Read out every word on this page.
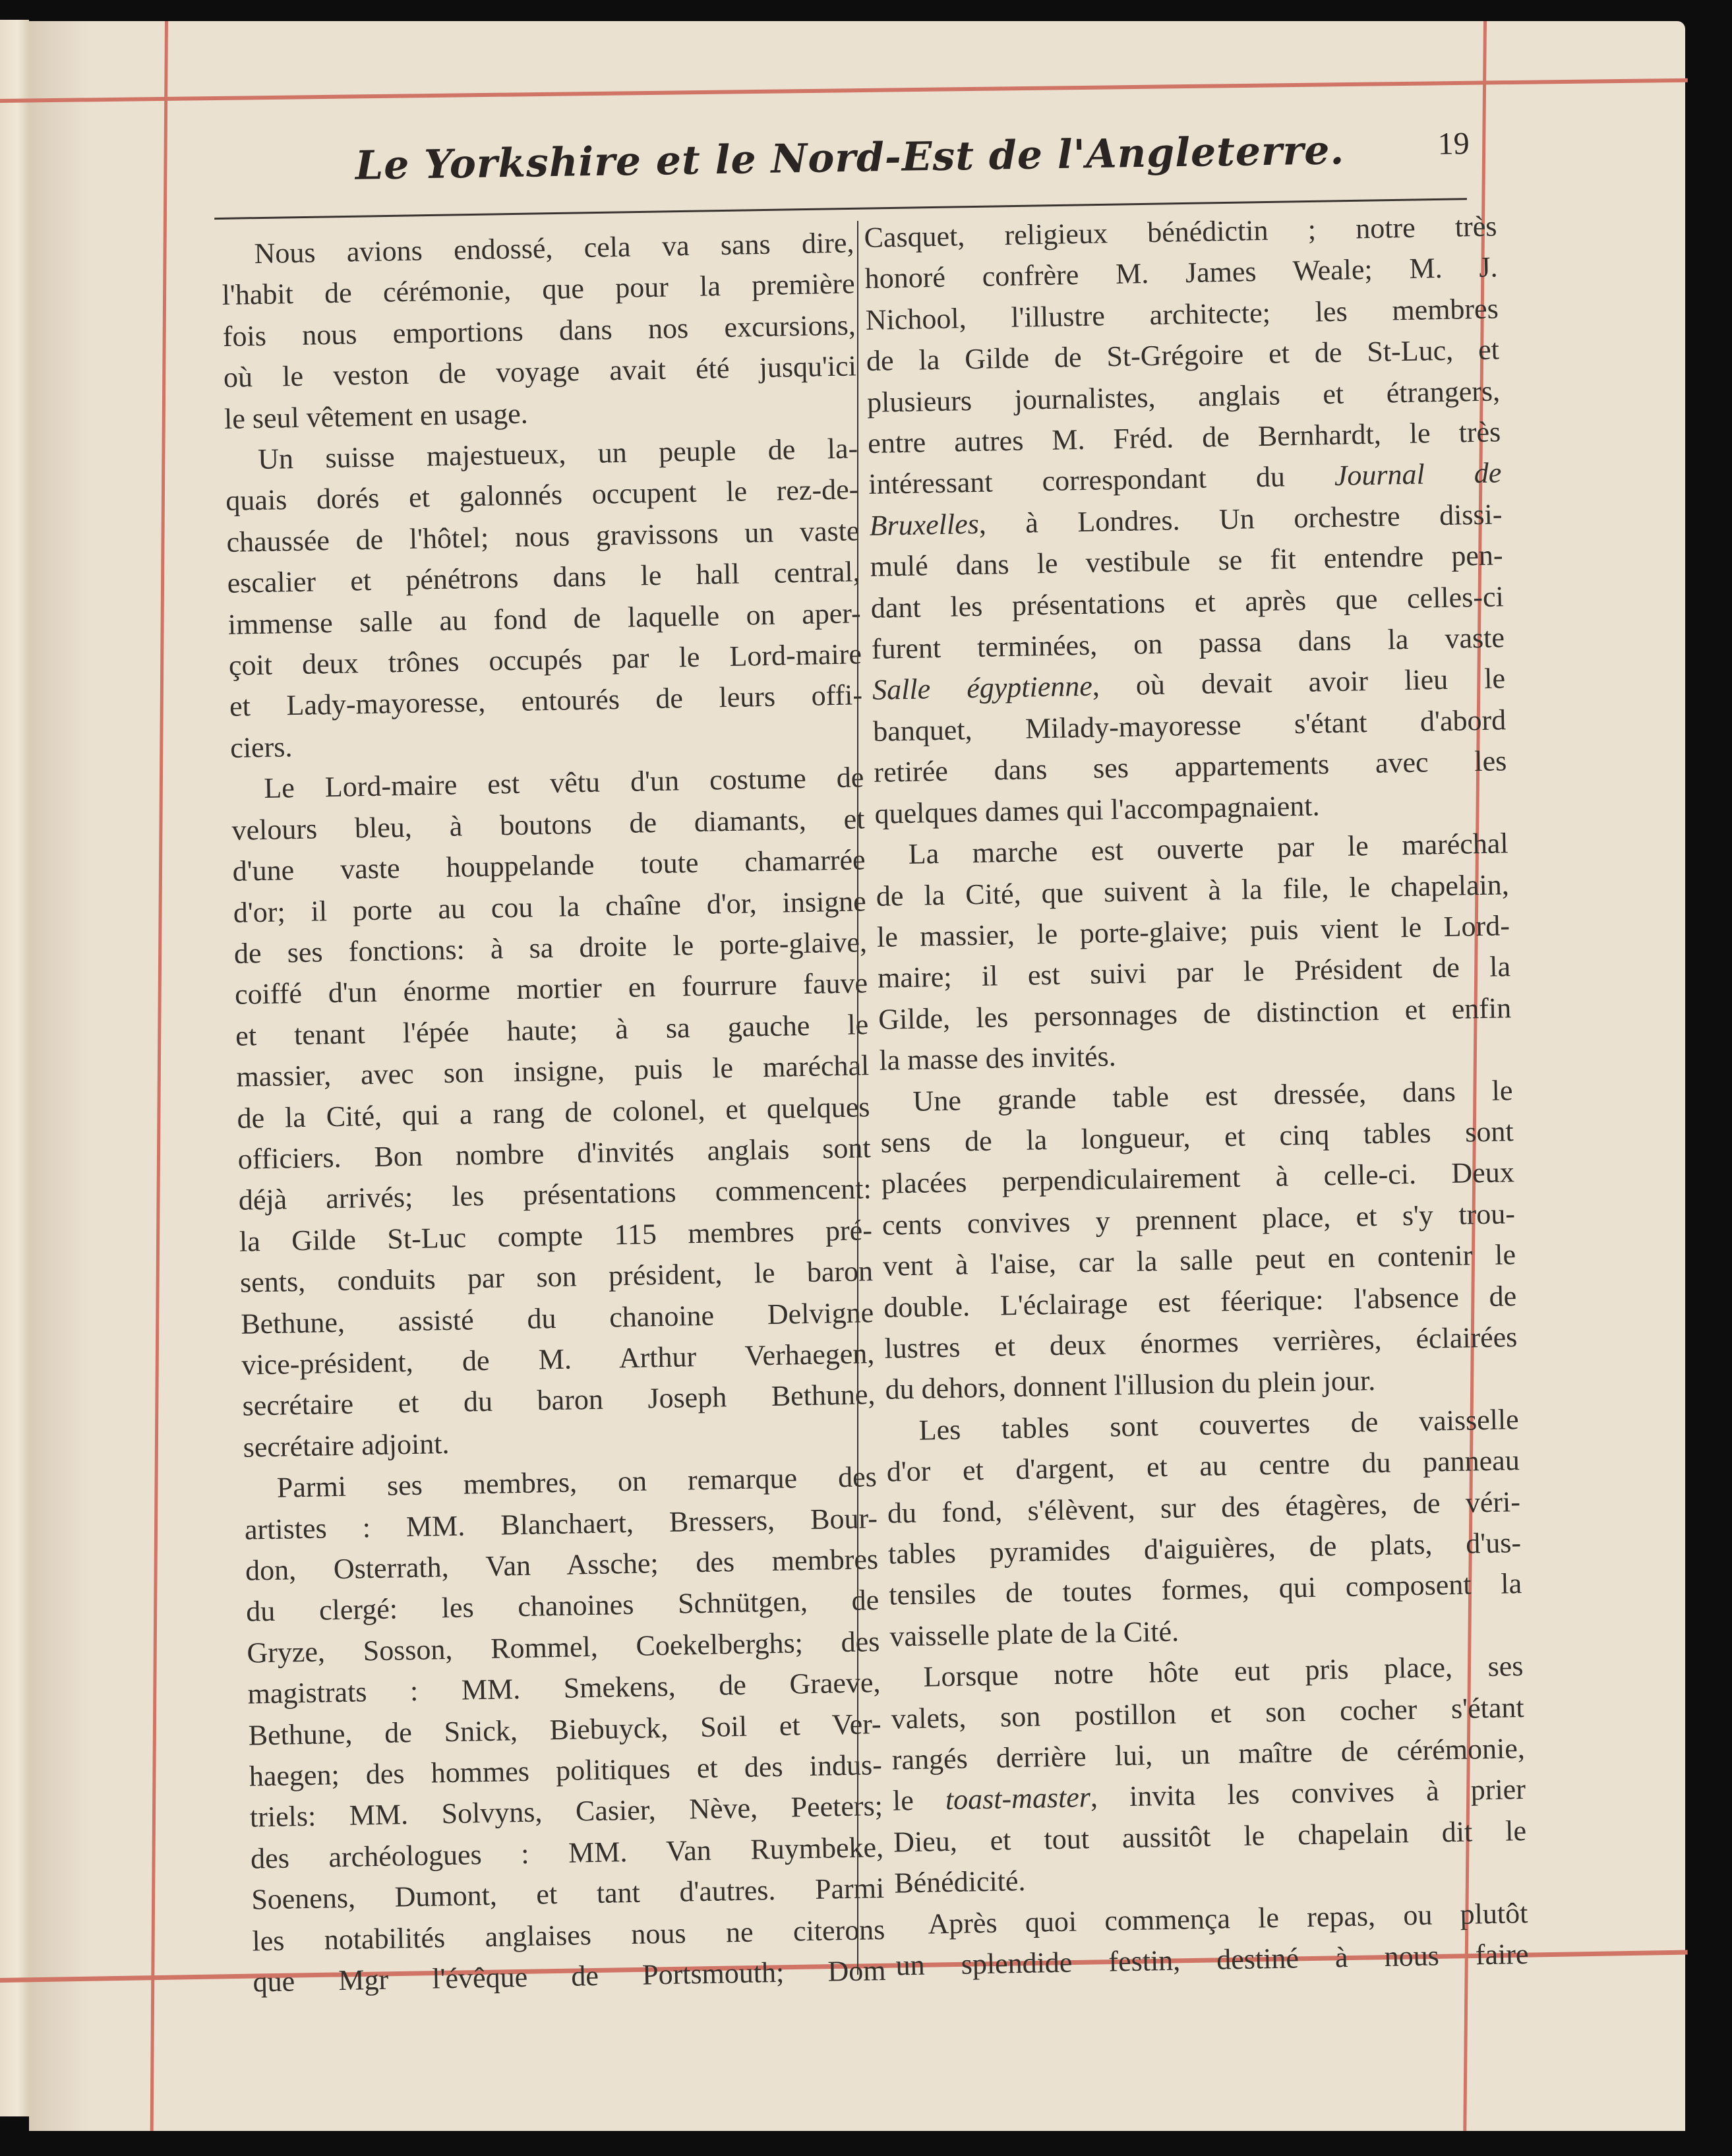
Le Yorkshire et le Nord-Est de l'Angleterre.	19
Nous avions endossé, cela va sans dire,
l'habit de cérémonie, que pour la première
fois nous emportions dans nos excursions,
où le veston de voyage avait été jusqu'ici
le seul vêtement en usage.
Un suisse majestueux, un peuple de la-
quais dorés et galonnés occupent le rez-de-
chaussée de l'hôtel; nous gravissons un vaste
escalier et pénétrons dans le hall central,
immense salle au fond de laquelle on aper-
çoit deux trônes occupés par le Lord-maire
et Lady-mayoresse, entourés de leurs offi-
ciers.
Le Lord-maire est vêtu d'un costume de
velours bleu, à boutons de diamants, et
d'une vaste houppelande toute chamarrée
d'or; il porte au cou la chaîne d'or, insigne
de ses fonctions: à sa droite le porte-glaive,
coiffé d'un énorme mortier en fourrure fauve
et tenant l'épée haute; à sa gauche le
massier, avec son insigne, puis le maréchal
de la Cité, qui a rang de colonel, et quelques
officiers. Bon nombre d'invités anglais sont
déjà arrivés; les présentations commencent:
la Gilde St-Luc compte 115 membres pré-
sents, conduits par son président, le baron
Bethune, assisté du chanoine Delvigne
vice-président, de M. Arthur Verhaegen,
secrétaire et du baron Joseph Bethune,
secrétaire adjoint.
Parmi ses membres, on remarque des
artistes : MM. Blanchaert, Bressers, Bour-
don, Osterrath, Van Assche; des membres
du clergé: les chanoines Schnütgen, de
Gryze, Sosson, Rommel, Coekelberghs; des
magistrats : MM. Smekens, de Graeve,
Bethune, de Snick, Biebuyck, Soil et Ver-
haegen; des hommes politiques et des indus-
triels: MM. Solvyns, Casier, Nève, Peeters;
des archéologues : MM. Van Ruymbeke,
Soenens, Dumont, et tant d'autres. Parmi
les notabilités anglaises nous ne citerons
que Mgr l'évêque de Portsmouth; Dom
Casquet, religieux bénédictin ; notre très
honoré confrère M. James Weale; M. J.
Nichool, l'illustre architecte; les membres
de la Gilde de St-Grégoire et de St-Luc, et
plusieurs journalistes, anglais et étrangers,
entre autres M. Fréd. de Bernhardt, le très
intéressant correspondant du Journal de
Bruxelles, à Londres. Un orchestre dissi-
mulé dans le vestibule se fit entendre pen-
dant les présentations et après que celles-ci
furent terminées, on passa dans la vaste
Salle égyptienne, où devait avoir lieu le
banquet, Milady-mayoresse s'étant d'abord
retirée dans ses appartements avec les
quelques dames qui l'accompagnaient.
La marche est ouverte par le maréchal
de la Cité, que suivent à la file, le chapelain,
le massier, le porte-glaive; puis vient le Lord-
maire; il est suivi par le Président de la
Gilde, les personnages de distinction et enfin
la masse des invités.
Une grande table est dressée, dans le
sens de la longueur, et cinq tables sont
placées perpendiculairement à celle-ci. Deux
cents convives y prennent place, et s'y trou-
vent à l'aise, car la salle peut en contenir le
double. L'éclairage est féerique: l'absence de
lustres et deux énormes verrières, éclairées
du dehors, donnent l'illusion du plein jour.
Les tables sont couvertes de vaisselle
d'or et d'argent, et au centre du panneau
du fond, s'élèvent, sur des étagères, de véri-
tables pyramides d'aiguières, de plats, d'us-
tensiles de toutes formes, qui composent la
vaisselle plate de la Cité.
Lorsque notre hôte eut pris place, ses
valets, son postillon et son cocher s'étant
rangés derrière lui, un maître de cérémonie,
le toast-master, invita les convives à prier
Dieu, et tout aussitôt le chapelain dit le
Bénédicité.
Après quoi commença le repas, ou plutôt
un splendide festin, destiné à nous faire
